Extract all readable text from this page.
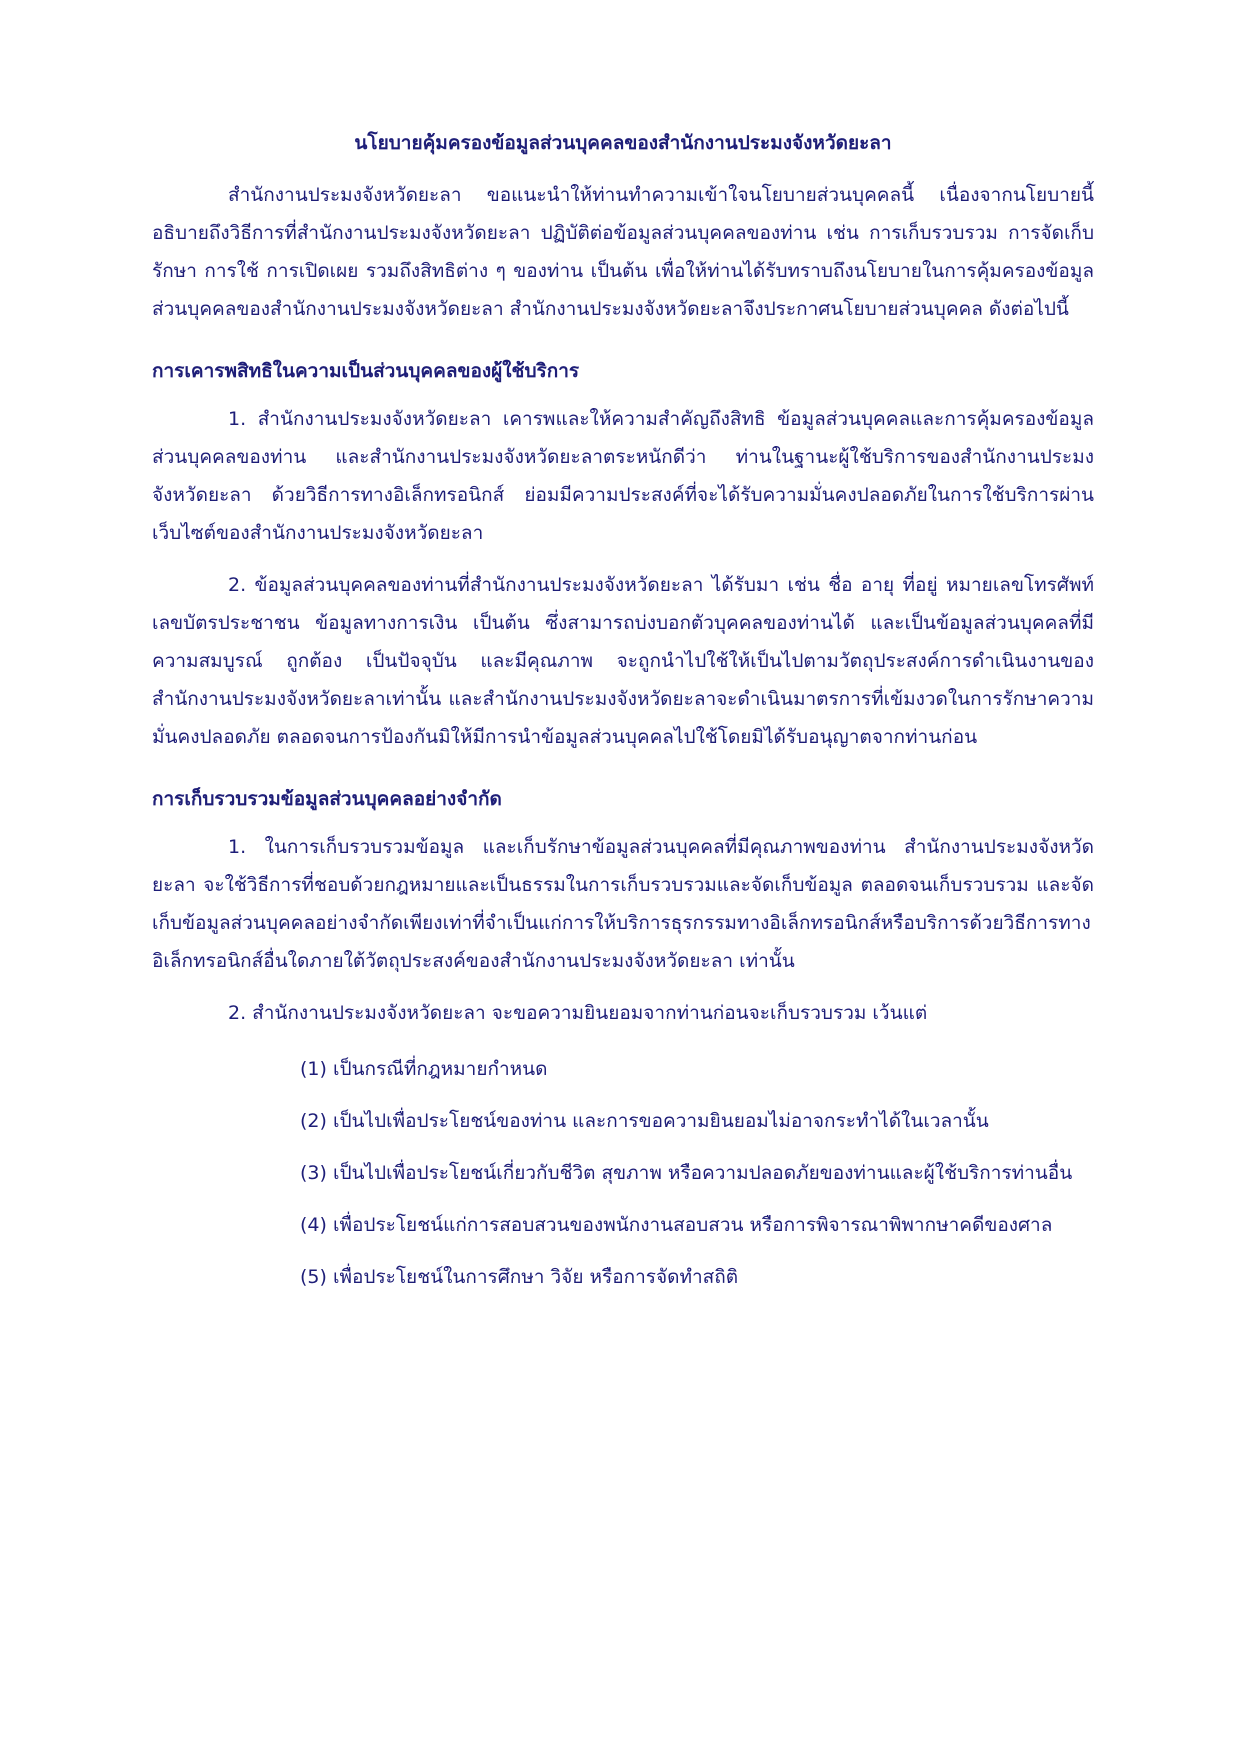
นโยบายคุ้มครองข้อมูลส่วนบุคคลของสำนักงานประมงจังหวัดยะลา

สำนักงานประมงจังหวัดยะลา ขอแนะนำให้ท่านทำความเข้าใจนโยบายส่วนบุคคลนี้ เนื่องจากนโยบายนี้อธิบายถึงวิธีการที่สำนักงานประมงจังหวัดยะลา ปฏิบัติต่อข้อมูลส่วนบุคคลของท่าน เช่น การเก็บรวบรวม การจัดเก็บรักษา การใช้ การเปิดเผย รวมถึงสิทธิต่าง ๆ ของท่าน เป็นต้น เพื่อให้ท่านได้รับทราบถึงนโยบายในการคุ้มครองข้อมูลส่วนบุคคลของสำนักงานประมงจังหวัดยะลา สำนักงานประมงจังหวัดยะลาจึงประกาศนโยบายส่วนบุคคล ดังต่อไปนี้

การเคารพสิทธิในความเป็นส่วนบุคคลของผู้ใช้บริการ

1. สำนักงานประมงจังหวัดยะลา เคารพและให้ความสำคัญถึงสิทธิ ข้อมูลส่วนบุคคลและการคุ้มครองข้อมูลส่วนบุคคลของท่าน และสำนักงานประมงจังหวัดยะลาตระหนักดีว่า ท่านในฐานะผู้ใช้บริการของสำนักงานประมงจังหวัดยะลา ด้วยวิธีการทางอิเล็กทรอนิกส์ ย่อมมีความประสงค์ที่จะได้รับความมั่นคงปลอดภัยในการใช้บริการผ่านเว็บไซต์ของสำนักงานประมงจังหวัดยะลา

2. ข้อมูลส่วนบุคคลของท่านที่สำนักงานประมงจังหวัดยะลา ได้รับมา เช่น ชื่อ อายุ ที่อยู่ หมายเลขโทรศัพท์ เลขบัตรประชาชน ข้อมูลทางการเงิน เป็นต้น ซึ่งสามารถบ่งบอกตัวบุคคลของท่านได้ และเป็นข้อมูลส่วนบุคคลที่มีความสมบูรณ์ ถูกต้อง เป็นปัจจุบัน และมีคุณภาพ จะถูกนำไปใช้ให้เป็นไปตามวัตถุประสงค์การดำเนินงานของสำนักงานประมงจังหวัดยะลาเท่านั้น และสำนักงานประมงจังหวัดยะลาจะดำเนินมาตรการที่เข้มงวดในการรักษาความมั่นคงปลอดภัย ตลอดจนการป้องกันมิให้มีการนำข้อมูลส่วนบุคคลไปใช้โดยมิได้รับอนุญาตจากท่านก่อน

การเก็บรวบรวมข้อมูลส่วนบุคคลอย่างจำกัด

1. ในการเก็บรวบรวมข้อมูล และเก็บรักษาข้อมูลส่วนบุคคลที่มีคุณภาพของท่าน สำนักงานประมงจังหวัดยะลา จะใช้วิธีการที่ชอบด้วยกฎหมายและเป็นธรรมในการเก็บรวบรวมและจัดเก็บข้อมูล ตลอดจนเก็บรวบรวม และจัดเก็บข้อมูลส่วนบุคคลอย่างจำกัดเพียงเท่าที่จำเป็นแก่การให้บริการธุรกรรมทางอิเล็กทรอนิกส์หรือบริการด้วยวิธีการทางอิเล็กทรอนิกส์อื่นใดภายใต้วัตถุประสงค์ของสำนักงานประมงจังหวัดยะลา เท่านั้น

2. สำนักงานประมงจังหวัดยะลา จะขอความยินยอมจากท่านก่อนจะเก็บรวบรวม เว้นแต่

(1) เป็นกรณีที่กฎหมายกำหนด
(2) เป็นไปเพื่อประโยชน์ของท่าน และการขอความยินยอมไม่อาจกระทำได้ในเวลานั้น
(3) เป็นไปเพื่อประโยชน์เกี่ยวกับชีวิต สุขภาพ หรือความปลอดภัยของท่านและผู้ใช้บริการท่านอื่น
(4) เพื่อประโยชน์แก่การสอบสวนของพนักงานสอบสวน หรือการพิจารณาพิพากษาคดีของศาล
(5) เพื่อประโยชน์ในการศึกษา วิจัย หรือการจัดทำสถิติ
